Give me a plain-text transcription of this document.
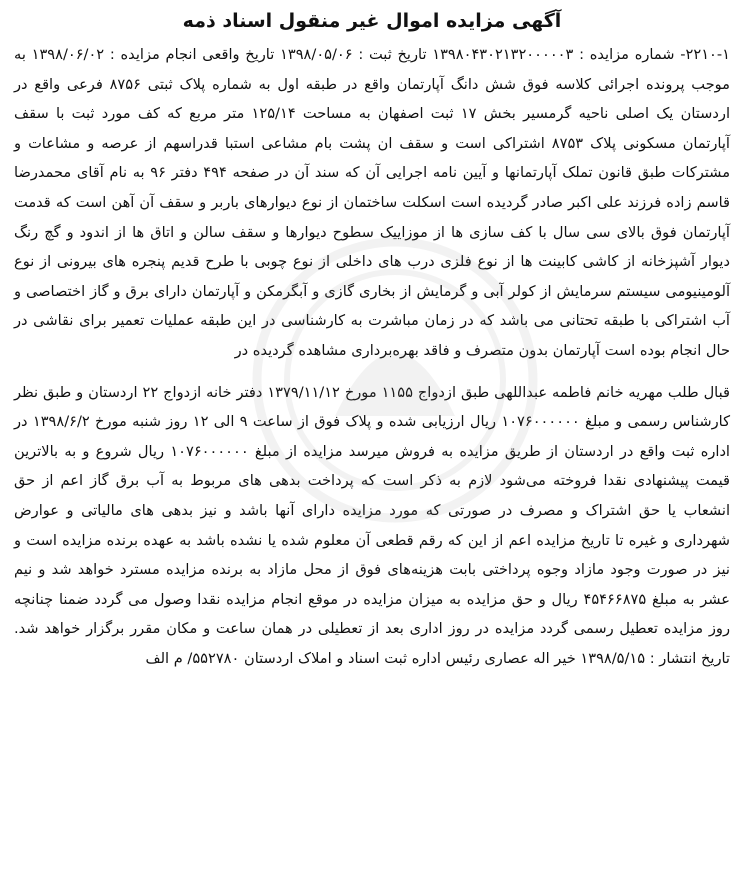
آگهی مزایده اموال غیر منقول اسناد ذمه

۲۲۱۰-۱- شماره مزایده : ۱۳۹۸۰۴۳۰۲۱۳۲۰۰۰۰۰۳ تاریخ ثبت : ۱۳۹۸/۰۵/۰۶ تاریخ واقعی انجام مزایده : ۱۳۹۸/۰۶/۰۲ به موجب پرونده اجرائی کلاسه فوق شش دانگ آپارتمان واقع در طبقه اول به شماره پلاک ثبتی ۸۷۵۶ فرعی واقع در اردستان یک اصلی ناحیه گرمسیر بخش ۱۷ ثبت اصفهان به مساحت ۱۲۵/۱۴ متر مربع که کف مورد ثبت با سقف آپارتمان مسکونی پلاک ۸۷۵۳ اشتراکی است و سقف ان پشت بام مشاعی استبا قدراسهم از عرصه و مشاعات و مشترکات طبق قانون تملک آپارتمانها و آیین نامه اجرایی آن که سند آن در صفحه ۴۹۴ دفتر ۹۶ به نام آقای محمدرضا قاسم زاده فرزند علی اکبر صادر گردیده است اسکلت ساختمان از نوع دیوارهای باربر و سقف آن آهن است که قدمت آپارتمان فوق بالای سی سال با کف سازی ها از موزاییک سطوح دیوارها و سقف سالن و اتاق ها از اندود و گچ رنگ دیوار آشپزخانه از کاشی کابینت ها از نوع فلزی درب های داخلی از نوع چوبی با طرح قدیم پنجره های بیرونی از نوع آلومینیومی سیستم سرمایش از کولر آبی و گرمایش از بخاری گازی و آبگرمکن و آپارتمان دارای برق و گاز اختصاصی و آب اشتراکی با طبقه تحتانی می باشد که در زمان مباشرت به کارشناسی در این طبقه عملیات تعمیر برای نقاشی در حال انجام بوده است آپارتمان بدون متصرف و فاقد بهره‌برداری مشاهده گردیده در

قبال طلب مهریه خانم فاطمه عبداللهی طبق ازدواج ۱۱۵۵ مورخ ۱۳۷۹/۱۱/۱۲ دفتر خانه ازدواج ۲۲ اردستان و طبق نظر کارشناس رسمی و مبلغ ۱۰۷۶۰۰۰۰۰۰ ریال ارزیابی شده و پلاک فوق از ساعت ۹ الی ۱۲ روز شنبه مورخ ۱۳۹۸/۶/۲ در اداره ثبت واقع در اردستان از طریق مزایده به فروش میرسد مزایده از مبلغ ۱۰۷۶۰۰۰۰۰۰ ریال شروع و به بالاترین قیمت پیشنهادی نقدا فروخته می‌شود لازم به ذکر است که پرداخت بدهی های مربوط به آب برق گاز اعم از حق انشعاب یا حق اشتراک و مصرف در صورتی که مورد مزایده دارای آنها باشد و نیز بدهی های مالیاتی و عوارض شهرداری و غیره تا تاریخ مزایده اعم از این که رقم قطعی آن معلوم شده یا نشده باشد به عهده برنده مزایده است و نیز در صورت وجود مازاد وجوه پرداختی بابت هزینه‌های فوق از محل مازاد به برنده مزایده مسترد خواهد شد و نیم عشر به مبلغ ۴۵۴۶۶۸۷۵ ریال و حق مزایده به میزان مزایده در موقع انجام مزایده نقدا وصول می گردد ضمنا چنانچه روز مزایده تعطیل رسمی گردد مزایده در روز اداری بعد از تعطیلی در همان ساعت و مکان مقرر برگزار خواهد شد. تاریخ انتشار : ۱۳۹۸/۵/۱۵ خیر اله عصاری رئیس اداره ثبت اسناد و املاک اردستان ۵۵۲۷۸۰/ م الف
